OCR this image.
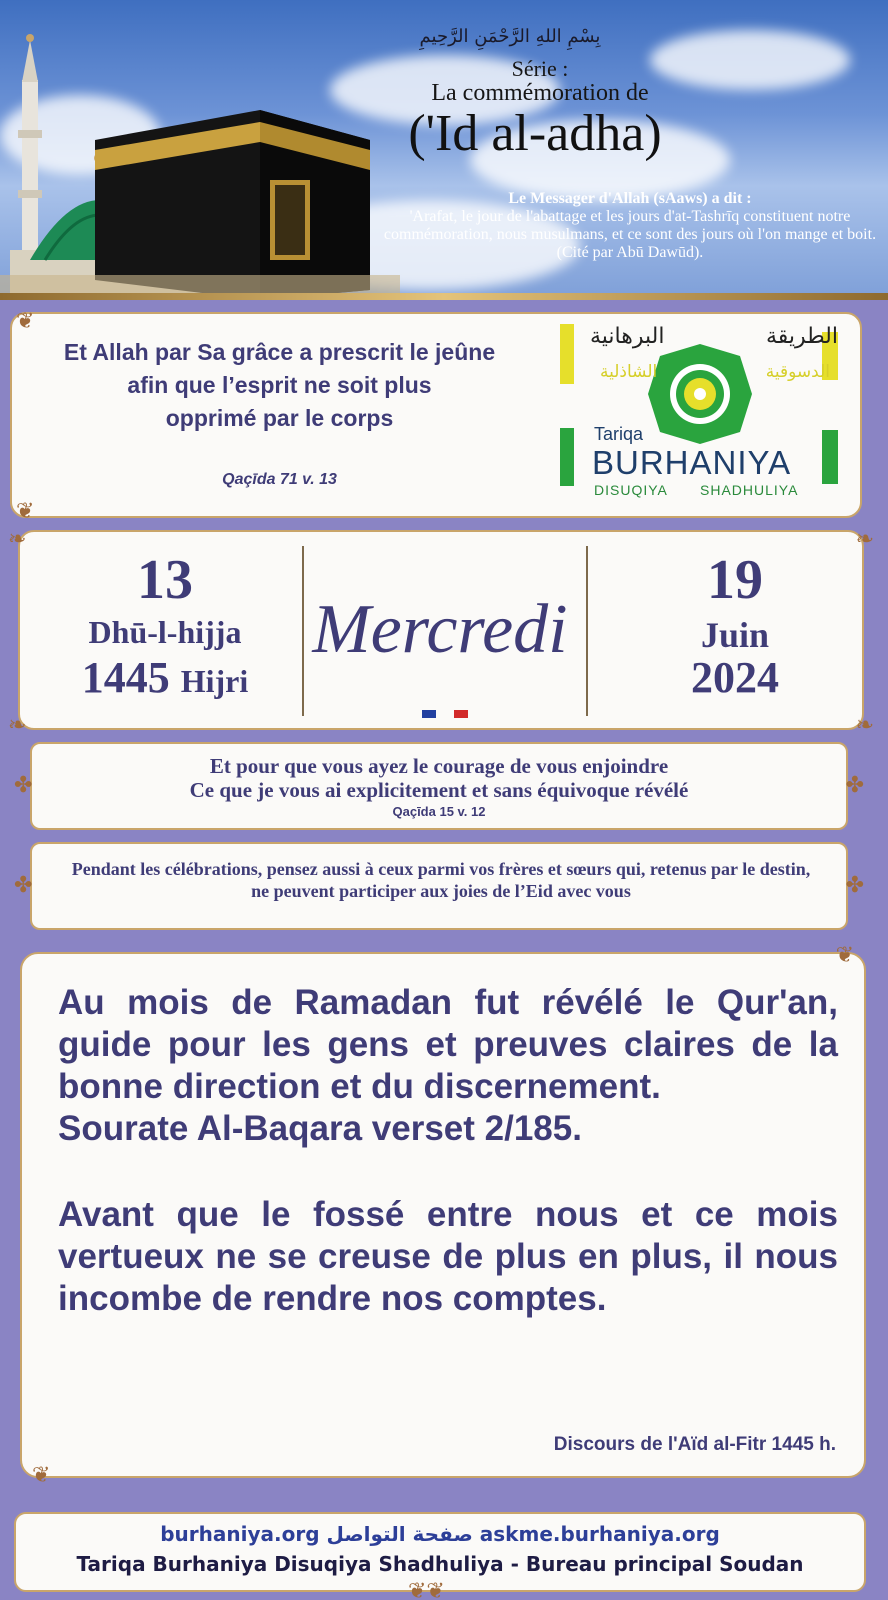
بِسْمِ اللهِ الرَّحْمَنِ الرَّحِيمِ
Série :
La commémoration de
('Id al-adha)
Le Messager d'Allah (sAaws) a dit :
'Arafat, le jour de l'abattage et les jours d'at-Tashrīq constituent notre commémoration, nous musulmans, et ce sont des jours où l'on mange et boit.
(Cité par Abū Dawūd).
❦
❦
Et Allah par Sa grâce a prescrit le jeûne
afin que l’esprit ne soit plus
opprimé par le corps
Qaçīda 71 v. 13
الطريقة
البرهانية
الدسوقية
الشاذلية
Tariqa
BURHANIYA
DISUQIYA SHADHULIYA
❧	❧
❧	❧
13
Dhū-l-hijja
1445 Hijri
Mercredi
19
Juin
2024
✤	✤
Et pour que vous ayez le courage de vous enjoindre
Ce que je vous ai explicitement et sans équivoque révélé
Qaçīda 15 v. 12
✤	✤
Pendant les célébrations, pensez aussi à ceux parmi vos frères et sœurs qui, retenus par le destin, ne peuvent participer aux joies de l’Eid avec vous
❦
❦

Au mois de Ramadan fut révélé le Qur'an, guide pour les gens et preuves claires de la bonne direction et du discernement.

Sourate Al-Baqara verset 2/185.

Avant que le fossé entre nous et ce mois vertueux ne se creuse de plus en plus, il nous incombe de rendre nos comptes.

Discours de l'Aïd al-Fitr 1445 h.
burhaniya.org صفحة التواصل askme.burhaniya.org
Tariqa Burhaniya Disuqiya Shadhuliya - Bureau principal Soudan
❦❦
